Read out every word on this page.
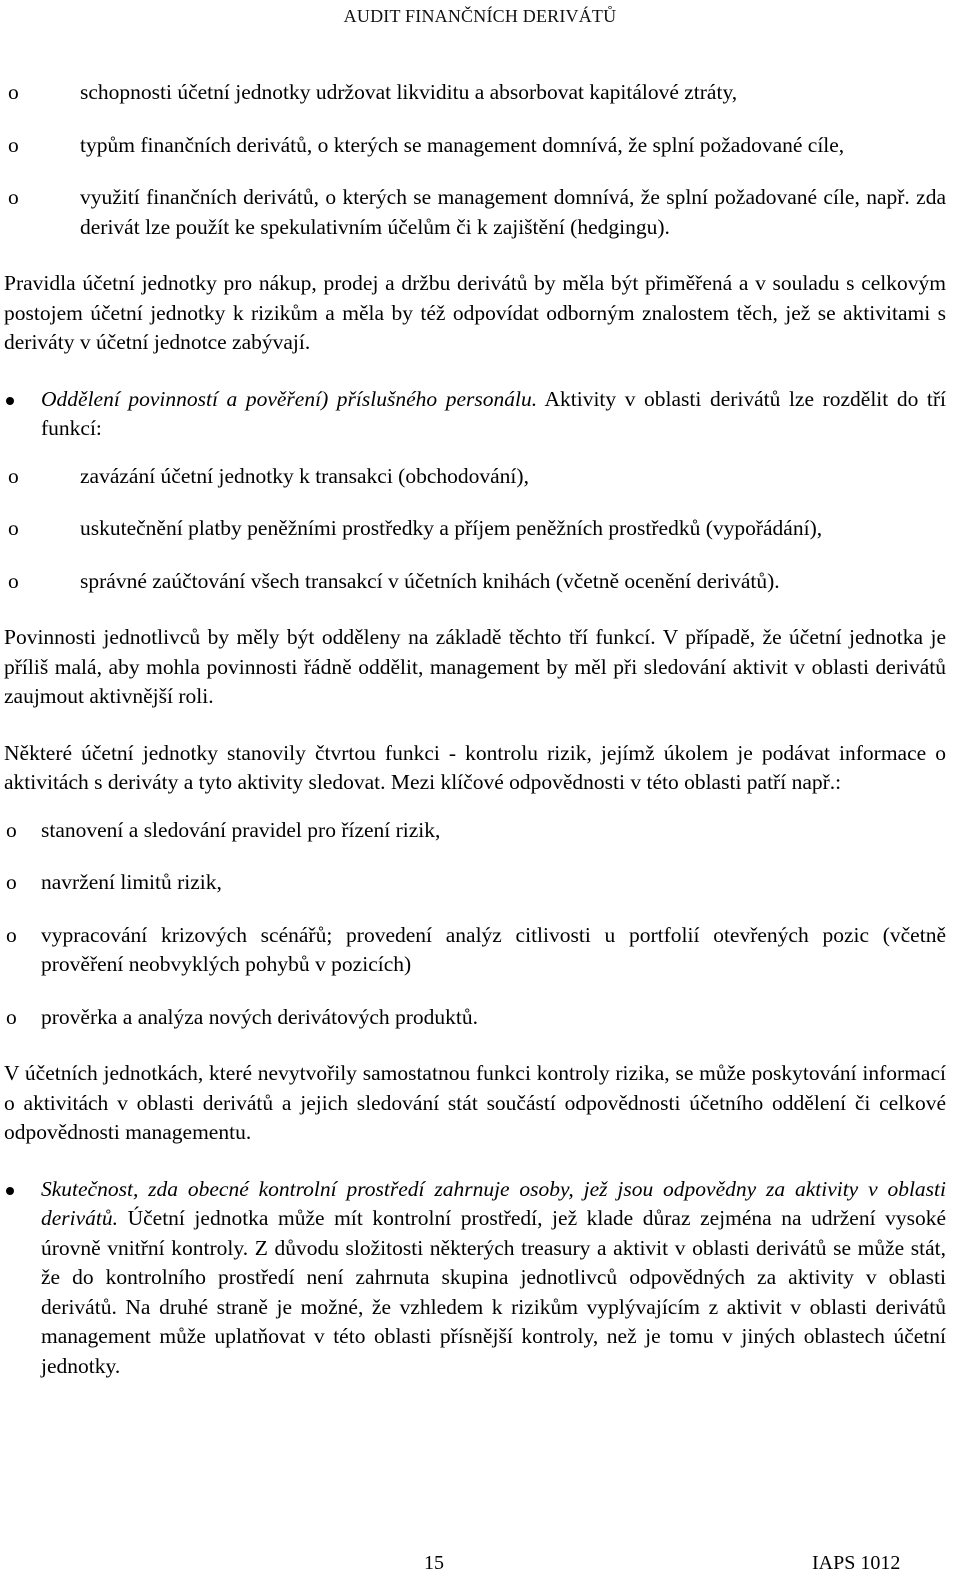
AUDIT FINANČNÍCH DERIVÁTŮ
o	schopnosti účetní jednotky udržovat likviditu a absorbovat kapitálové ztráty,

o	typům finančních derivátů, o kterých se management domnívá, že splní požadované cíle,

o	využití finančních derivátů, o kterých se management domnívá, že splní požadované cíle, např. zda derivát lze použít ke spekulativním účelům či k zajištění (hedgingu).

Pravidla účetní jednotky pro nákup, prodej a držbu derivátů by měla být přiměřená a v souladu s celkovým postojem účetní jednotky k rizikům a měla by též odpovídat odborným znalostem těch, jež se aktivitami s deriváty v účetní jednotce zabývají.

Oddělení povinností a pověření) příslušného personálu. Aktivity v oblasti derivátů lze rozdělit do tří funkcí:

o	zavázání účetní jednotky k transakci (obchodování),

o	uskutečnění platby peněžními prostředky a příjem peněžních prostředků (vypořádání),

o	správné zaúčtování všech transakcí v účetních knihách (včetně ocenění derivátů).

Povinnosti jednotlivců by měly být odděleny na základě těchto tří funkcí. V případě, že účetní jednotka je příliš malá, aby mohla povinnosti řádně oddělit, management by měl při sledování aktivit v oblasti derivátů zaujmout aktivnější roli.

Některé účetní jednotky stanovily čtvrtou funkci - kontrolu rizik, jejímž úkolem je podávat informace o aktivitách s deriváty a tyto aktivity sledovat. Mezi klíčové odpovědnosti v této oblasti patří např.:

o stanovení a sledování pravidel pro řízení rizik,

o navržení limitů rizik,

o vypracování krizových scénářů; provedení analýz citlivosti u portfolií otevřených pozic (včetně prověření neobvyklých pohybů v pozicích)

o prověrka a analýza nových derivátových produktů.

V účetních jednotkách, které nevytvořily samostatnou funkci kontroly rizika, se může poskytování informací o aktivitách v oblasti derivátů a jejich sledování stát součástí odpovědnosti účetního oddělení či celkové odpovědnosti managementu.

Skutečnost, zda obecné kontrolní prostředí zahrnuje osoby, jež jsou odpovědny za aktivity v oblasti derivátů. Účetní jednotka může mít kontrolní prostředí, jež klade důraz zejména na udržení vysoké úrovně vnitřní kontroly. Z důvodu složitosti některých treasury a aktivit v oblasti derivátů se může stát, že do kontrolního prostředí není zahrnuta skupina jednotlivců odpovědných za aktivity v oblasti derivátů. Na druhé straně je možné, že vzhledem k rizikům vyplývajícím z aktivit v oblasti derivátů management může uplatňovat v této oblasti přísnější kontroly, než je tomu v jiných oblastech účetní jednotky.

15	IAPS 1012
